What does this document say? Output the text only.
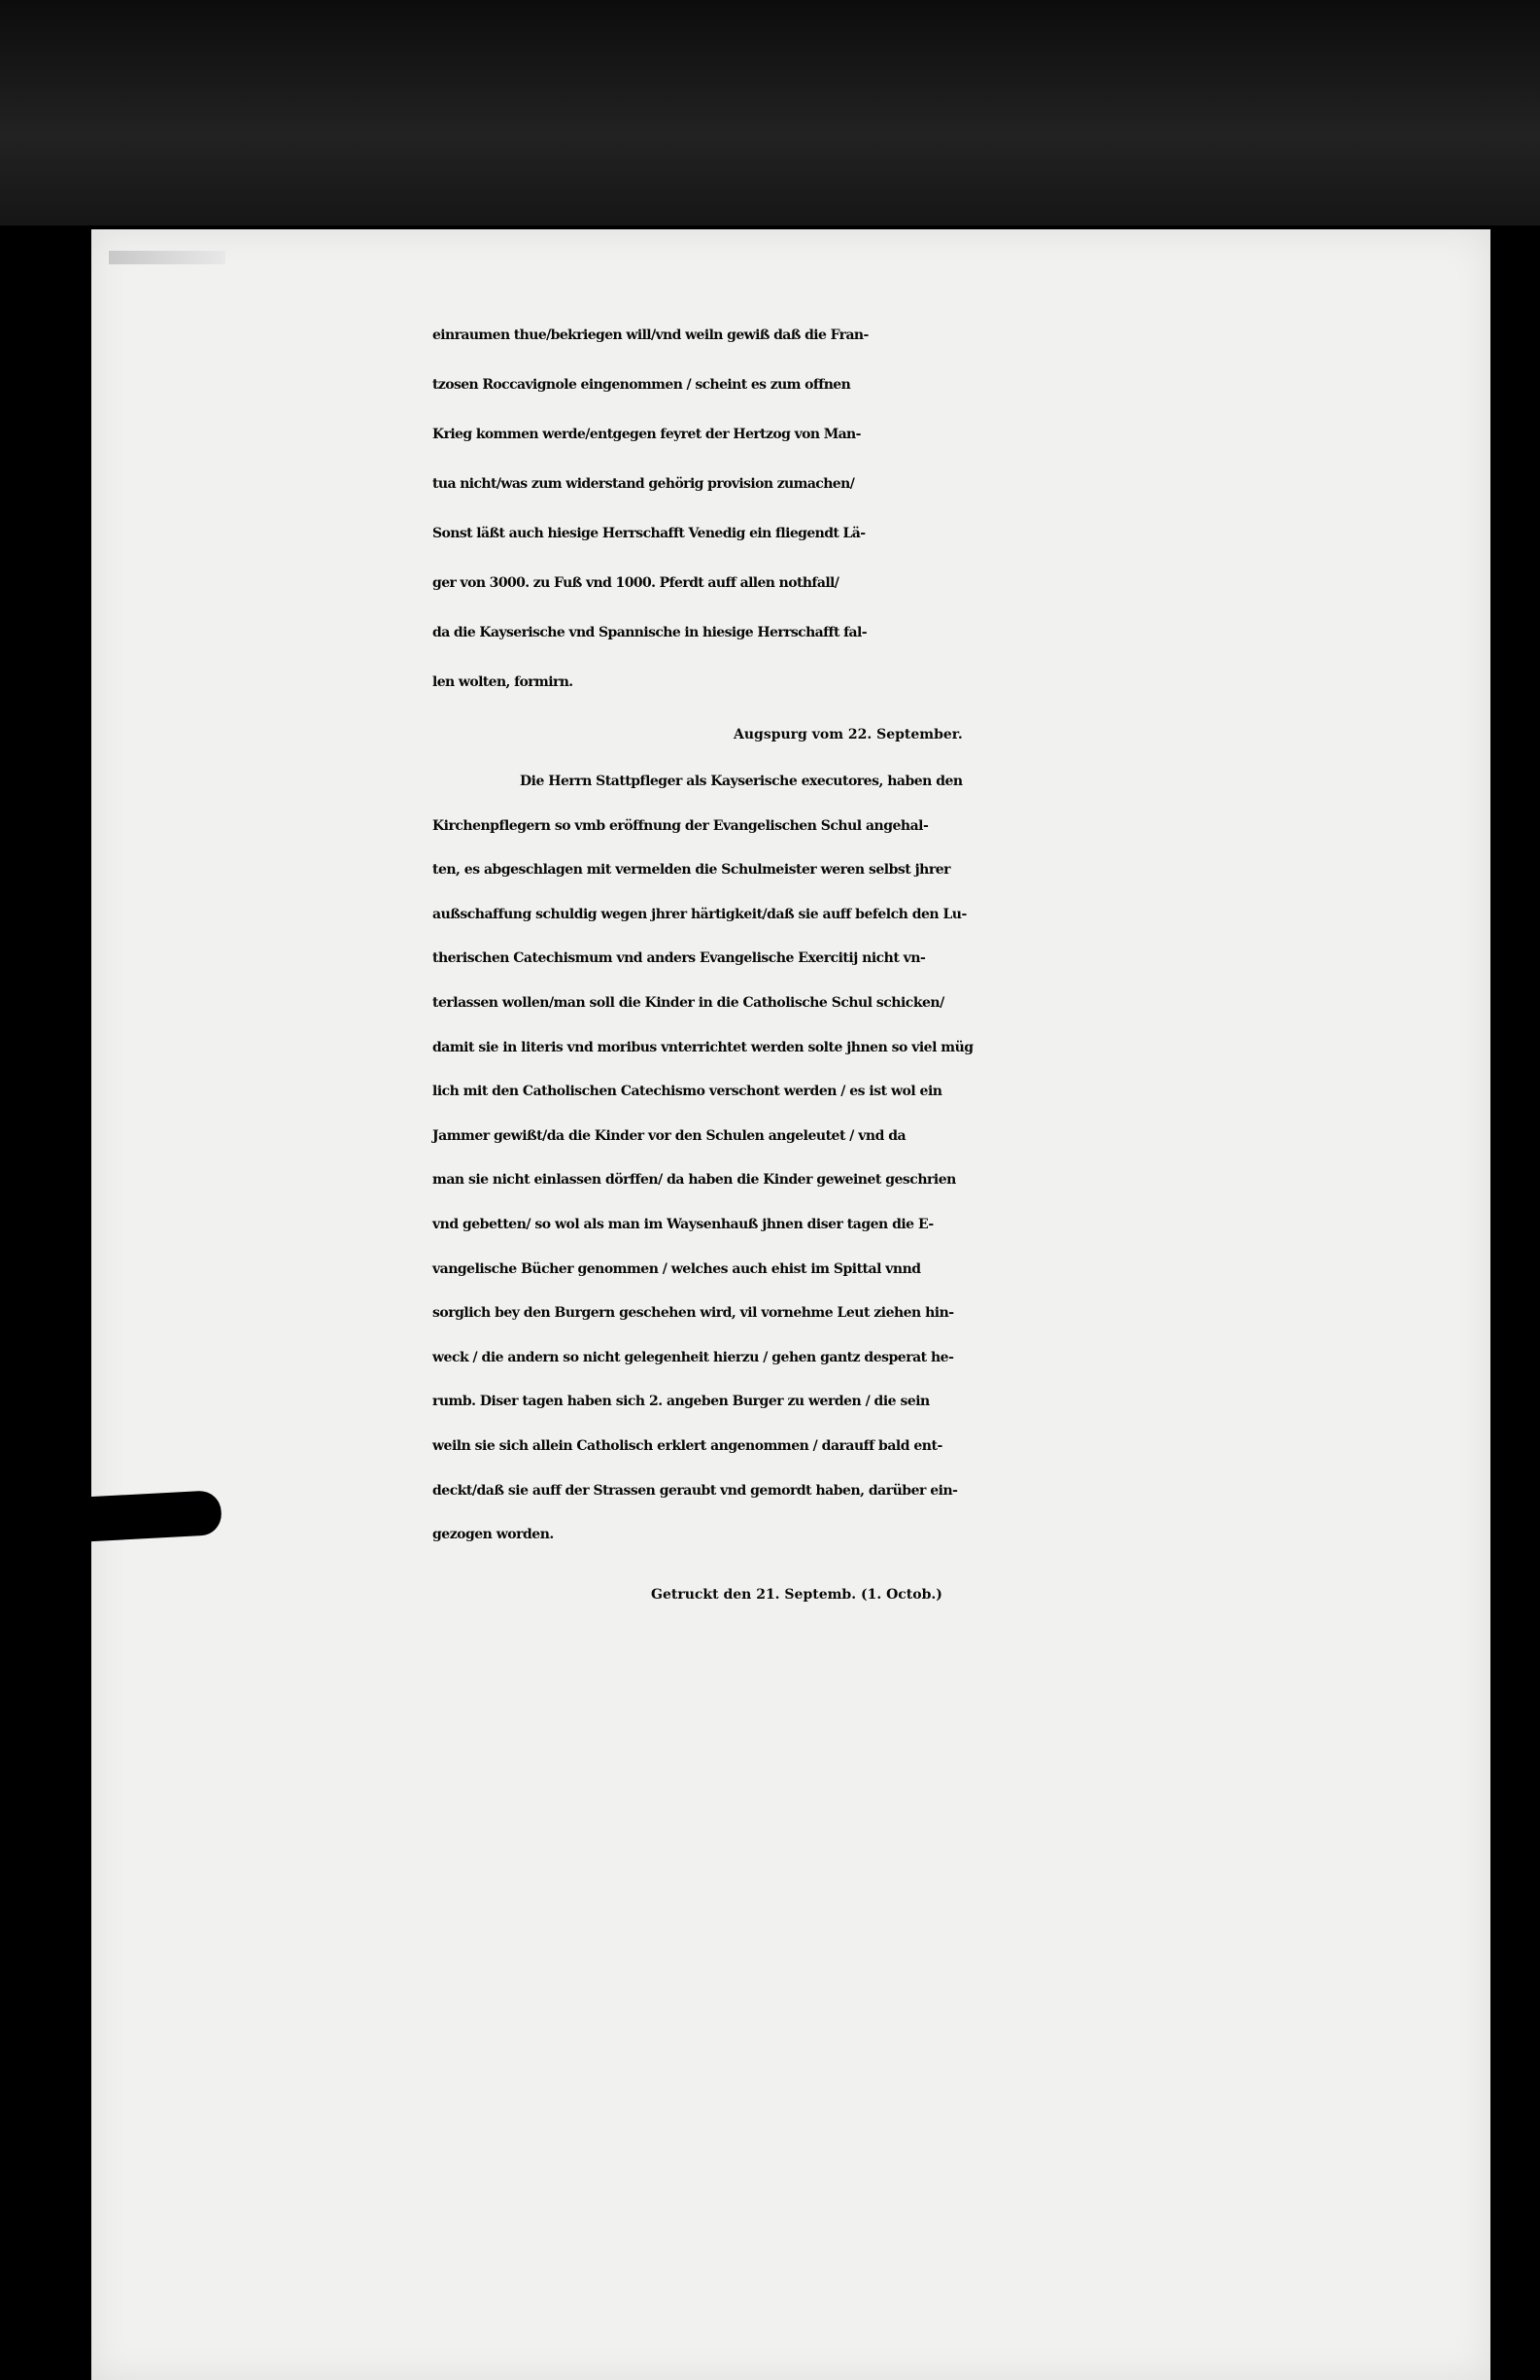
einraumen thue/bekriegen will/vnd weiln gewiß daß die Fran-
tzosen Roccavignole eingenommen / scheint es zum offnen
Krieg kommen werde/entgegen feyret der Hertzog von Man-
tua nicht/was zum widerstand gehörig provision zumachen/
Sonst läßt auch hiesige Herrschafft Venedig ein fliegendt Lä-
ger von 3000. zu Fuß vnd 1000. Pferdt auff allen nothfall/
da die Kayserische vnd Spannische in hiesige Herrschafft fal-
len wolten, formirn.
Augspurg vom 22. September.
Die Herrn Stattpfleger als Kayserische executores, haben den
Kirchenpflegern so vmb eröffnung der Evangelischen Schul angehal-
ten, es abgeschlagen mit vermelden die Schulmeister weren selbst jhrer
außschaffung schuldig wegen jhrer härtigkeit/daß sie auff befelch den Lu-
therischen Catechismum vnd anders Evangelische Exercitij nicht vn-
terlassen wollen/man soll die Kinder in die Catholische Schul schicken/
damit sie in literis vnd moribus vnterrichtet werden solte jhnen so viel müg
lich mit den Catholischen Catechismo verschont werden / es ist wol ein
Jammer gewißt/da die Kinder vor den Schulen angeleutet / vnd da
man sie nicht einlassen dörffen/ da haben die Kinder geweinet geschrien
vnd gebetten/ so wol als man im Waysenhauß jhnen diser tagen die E-
vangelische Bücher genommen / welches auch ehist im Spittal vnnd
sorglich bey den Burgern geschehen wird, vil vornehme Leut ziehen hin-
weck / die andern so nicht gelegenheit hierzu / gehen gantz desperat he-
rumb. Diser tagen haben sich 2. angeben Burger zu werden / die sein
weiln sie sich allein Catholisch erklert angenommen / darauff bald ent-
deckt/daß sie auff der Strassen geraubt vnd gemordt haben, darüber ein-
gezogen worden.
Getruckt den 21. Septemb. (1. Octob.)
